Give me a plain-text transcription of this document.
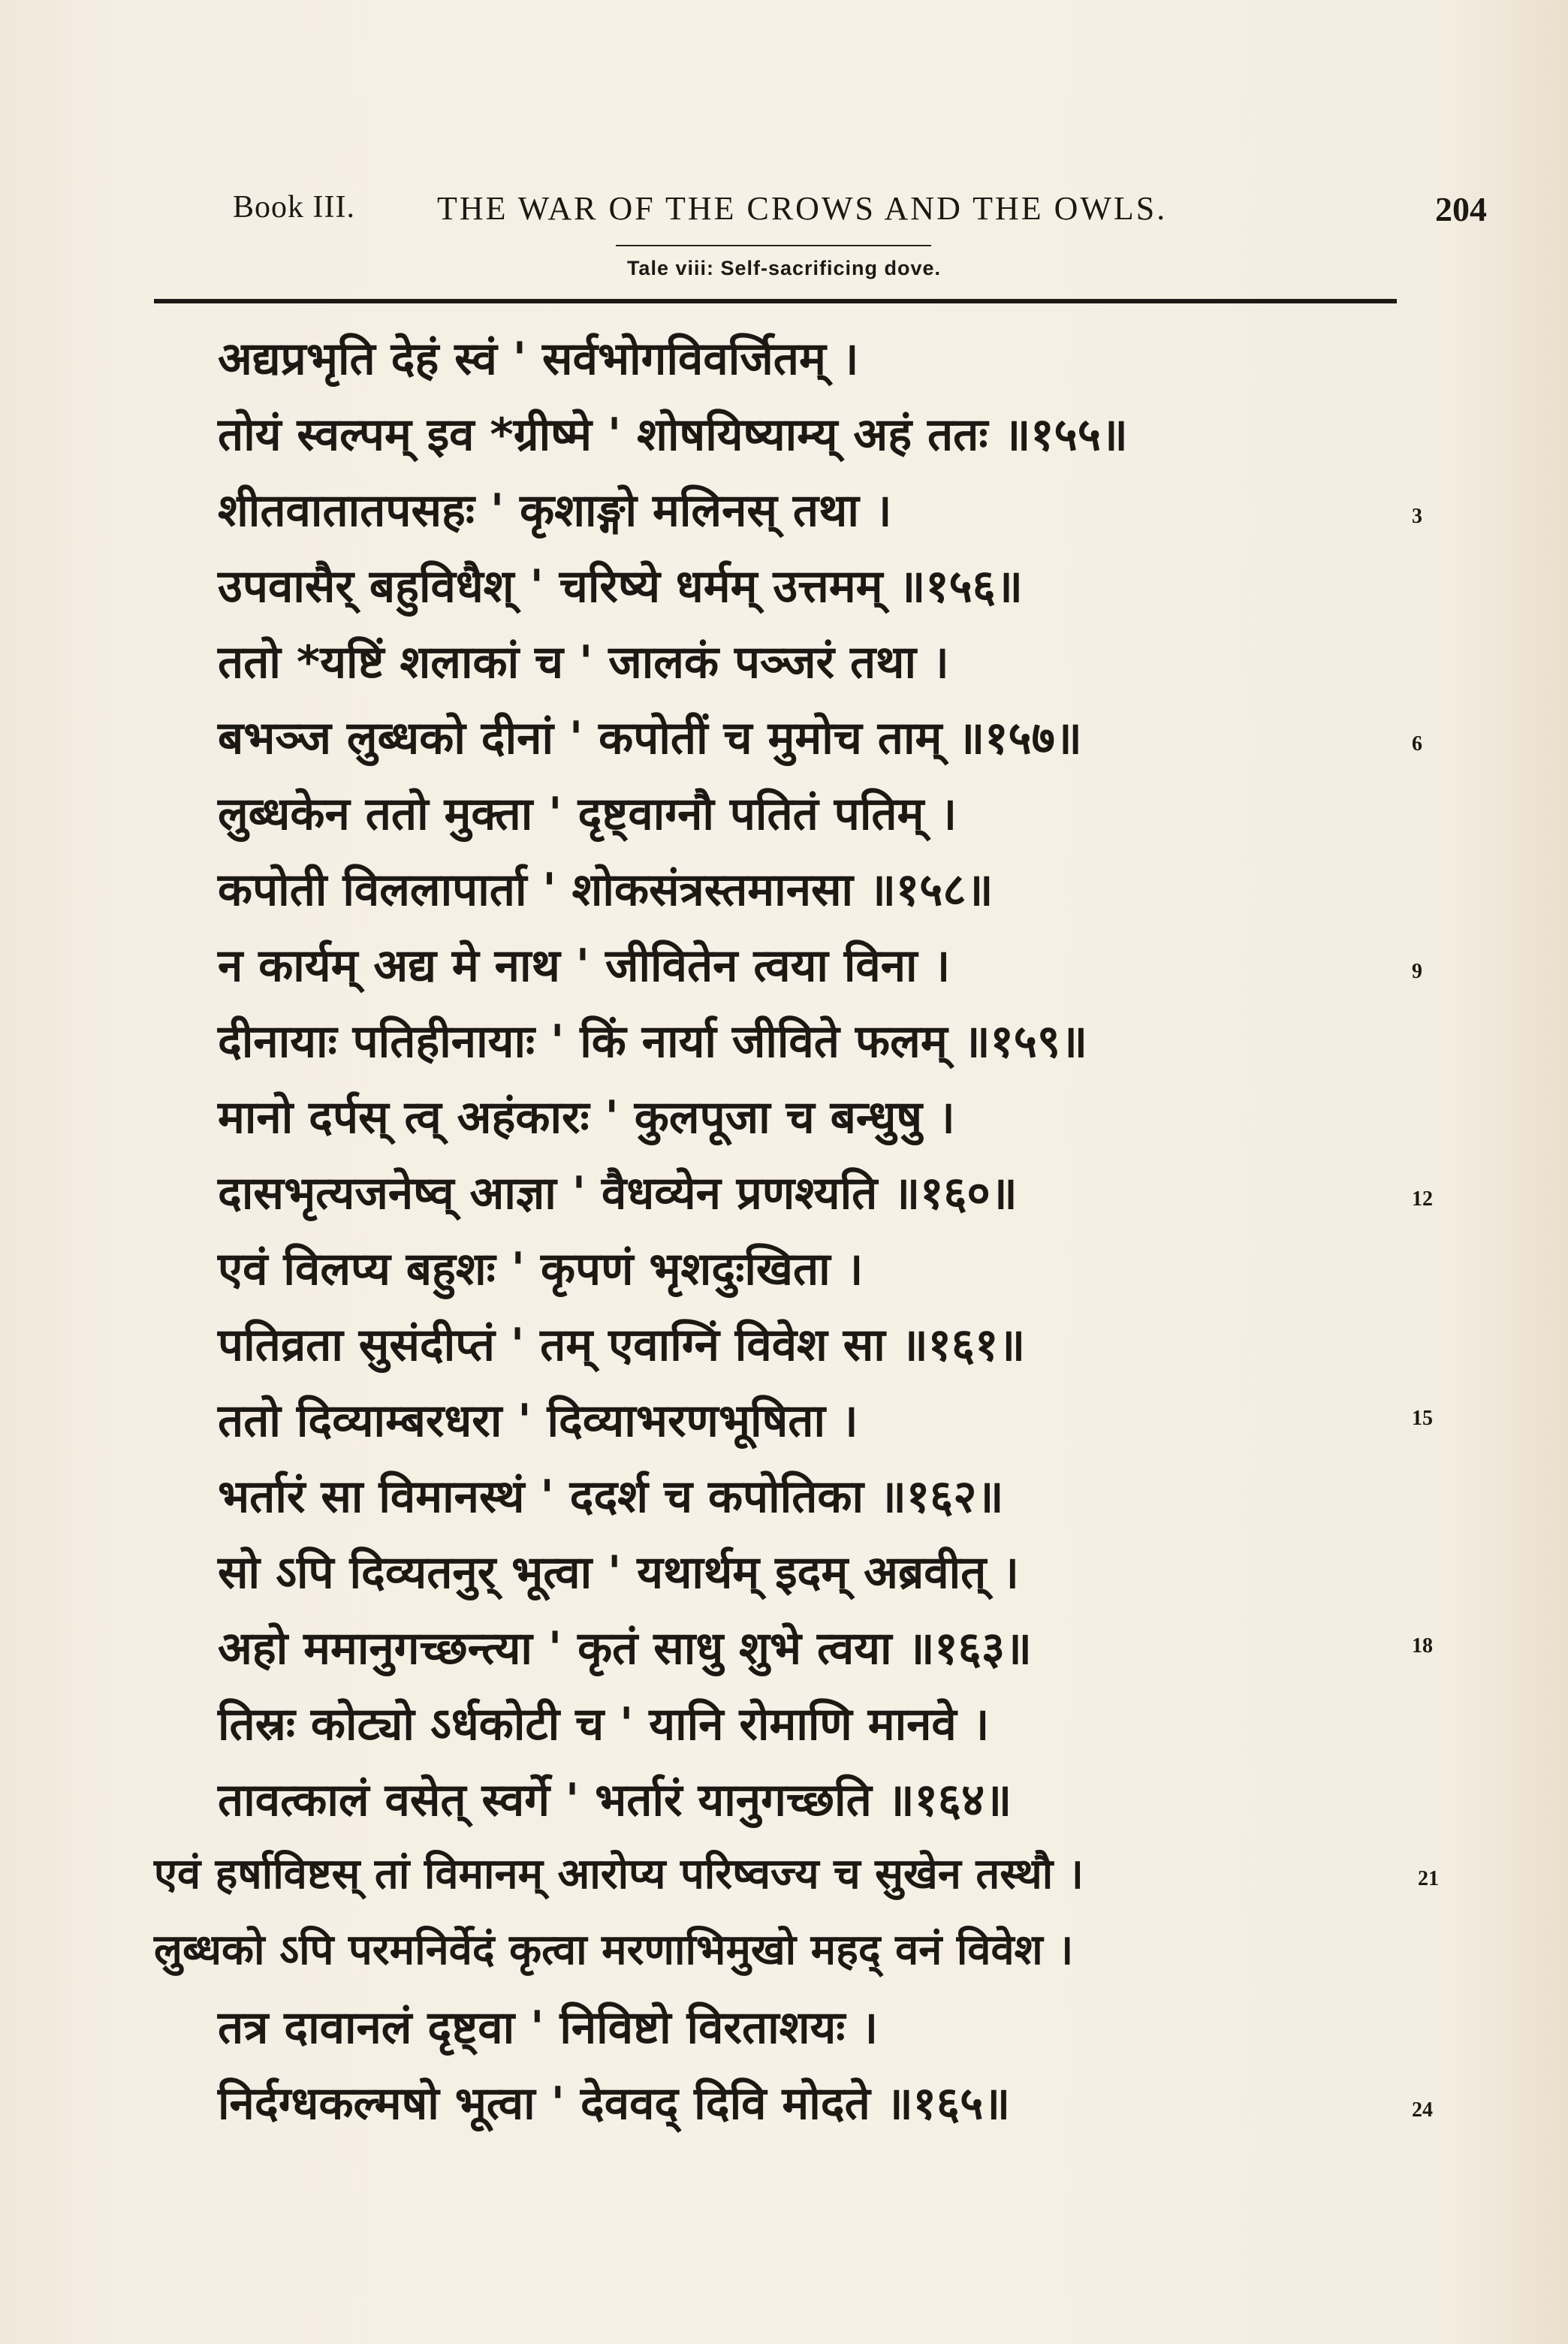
Book III. THE WAR OF THE CROWS AND THE OWLS.	204
Tale viii: Self-sacrificing dove.
अद्यप्रभृति देहं स्वं ' सर्वभोगविवर्जितम् ।
तोयं स्वल्पम् इव *ग्रीष्मे ' शोषयिष्याम्य् अहं ततः ॥१५५॥
शीतवातातपसहः ' कृशाङ्गो मलिनस् तथा ।
उपवासैर् बहुविधैश् ' चरिष्ये धर्मम् उत्तमम् ॥१५६॥
ततो *यष्टिं शलाकां च ' जालकं पञ्जरं तथा ।
बभञ्ज लुब्धको दीनां ' कपोतीं च मुमोच ताम् ॥१५७॥
लुब्धकेन ततो मुक्ता ' दृष्ट्वाग्नौ पतितं पतिम् ।
कपोती विललापार्ता ' शोकसंत्रस्तमानसा ॥१५८॥
न कार्यम् अद्य मे नाथ ' जीवितेन त्वया विना ।
दीनायाः पतिहीनायाः ' किं नार्या जीविते फलम् ॥१५९॥
मानो दर्पस् त्व् अहंकारः ' कुलपूजा च बन्धुषु ।
दासभृत्यजनेष्व् आज्ञा ' वैधव्येन प्रणश्यति ॥१६०॥
एवं विलप्य बहुशः ' कृपणं भृशदुःखिता ।
पतिव्रता सुसंदीप्तं ' तम् एवाग्निं विवेश सा ॥१६१॥
ततो दिव्याम्बरधरा ' दिव्याभरणभूषिता ।
भर्तारं सा विमानस्थं ' ददर्श च कपोतिका ॥१६२॥
सो ऽपि दिव्यतनुर् भूत्वा ' यथार्थम् इदम् अब्रवीत् ।
अहो ममानुगच्छन्त्या ' कृतं साधु शुभे त्वया ॥१६३॥
तिस्रः कोट्यो ऽर्धकोटी च ' यानि रोमाणि मानवे ।
तावत्कालं वसेत् स्वर्गे ' भर्तारं यानुगच्छति ॥१६४॥
एवं हर्षाविष्टस् तां विमानम् आरोप्य परिष्वज्य च सुखेन तस्थौ ।
लुब्धको ऽपि परमनिर्वेदं कृत्वा मरणाभिमुखो महद् वनं विवेश ।
तत्र दावानलं दृष्ट्वा ' निविष्टो विरताशयः ।
निर्दग्धकल्मषो भूत्वा ' देववद् दिवि मोदते ॥१६५॥
3
6
9
12
15
18
21
24
